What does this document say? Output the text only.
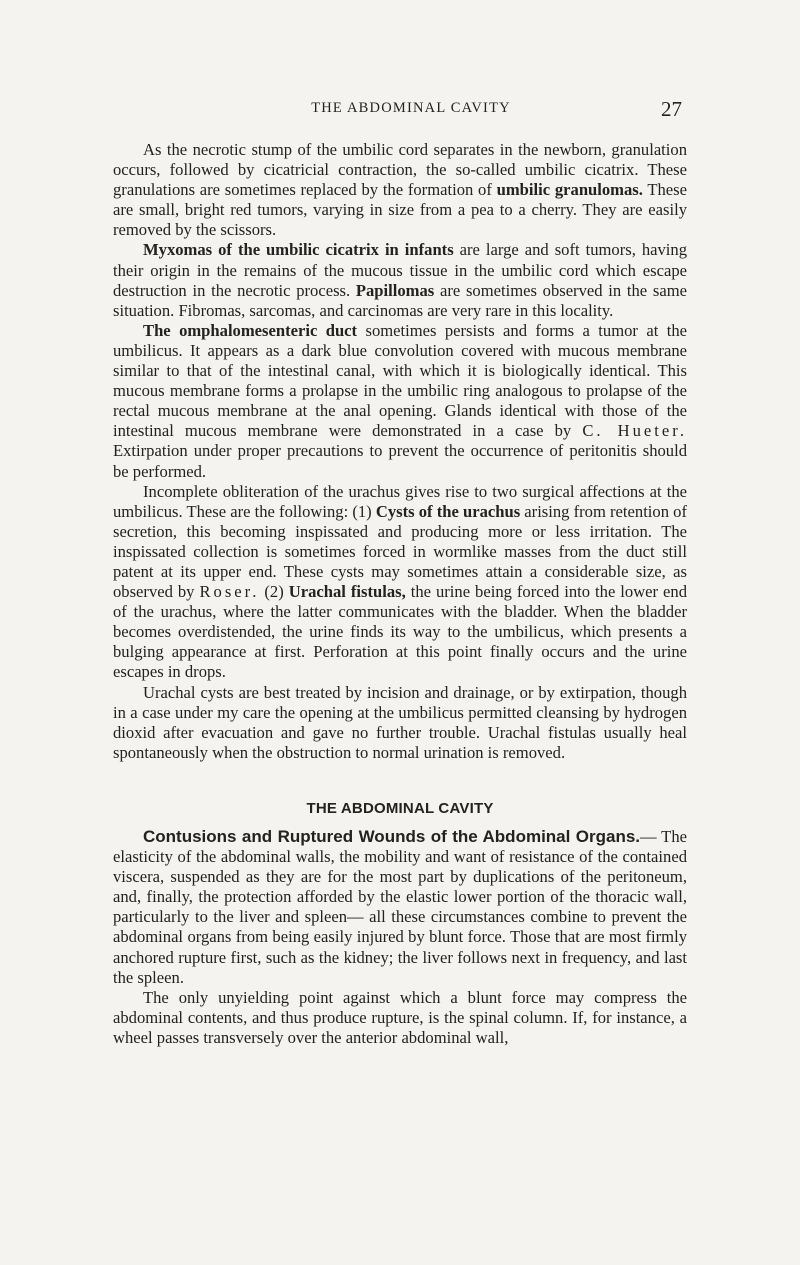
THE ABDOMINAL CAVITY	27

As the necrotic stump of the umbilic cord separates in the newborn, granulation occurs, followed by cicatricial contraction, the so-called umbilic cicatrix. These granulations are sometimes replaced by the formation of umbilic granulomas. These are small, bright red tumors, varying in size from a pea to a cherry. They are easily removed by the scissors.

Myxomas of the umbilic cicatrix in infants are large and soft tumors, having their origin in the remains of the mucous tissue in the umbilic cord which escape destruction in the necrotic process. Papillomas are sometimes observed in the same situation. Fibromas, sarcomas, and carcinomas are very rare in this locality.

The omphalomesenteric duct sometimes persists and forms a tumor at the umbilicus. It appears as a dark blue convolution covered with mucous membrane similar to that of the intestinal canal, with which it is biologically identical. This mucous membrane forms a prolapse in the umbilic ring analogous to prolapse of the rectal mucous membrane at the anal opening. Glands identical with those of the intestinal mucous membrane were demonstrated in a case by C. Hueter. Extirpation under proper precautions to prevent the occurrence of peritonitis should be performed.

Incomplete obliteration of the urachus gives rise to two surgical affections at the umbilicus. These are the following: (1) Cysts of the urachus arising from retention of secretion, this becoming inspissated and producing more or less irritation. The inspissated collection is sometimes forced in wormlike masses from the duct still patent at its upper end. These cysts may sometimes attain a considerable size, as observed by Roser. (2) Urachal fistulas, the urine being forced into the lower end of the urachus, where the latter communicates with the bladder. When the bladder becomes overdistended, the urine finds its way to the umbilicus, which presents a bulging appearance at first. Perforation at this point finally occurs and the urine escapes in drops.

Urachal cysts are best treated by incision and drainage, or by extirpation, though in a case under my care the opening at the umbilicus permitted cleansing by hydrogen dioxid after evacuation and gave no further trouble. Urachal fistulas usually heal spontaneously when the obstruction to normal urination is removed.

THE ABDOMINAL CAVITY

Contusions and Ruptured Wounds of the Abdominal Organs.— The elasticity of the abdominal walls, the mobility and want of resistance of the contained viscera, suspended as they are for the most part by duplications of the peritoneum, and, finally, the protection afforded by the elastic lower portion of the thoracic wall, particularly to the liver and spleen— all these circumstances combine to prevent the abdominal organs from being easily injured by blunt force. Those that are most firmly anchored rupture first, such as the kidney; the liver follows next in frequency, and last the spleen.

The only unyielding point against which a blunt force may compress the abdominal contents, and thus produce rupture, is the spinal column. If, for instance, a wheel passes transversely over the anterior abdominal wall,
